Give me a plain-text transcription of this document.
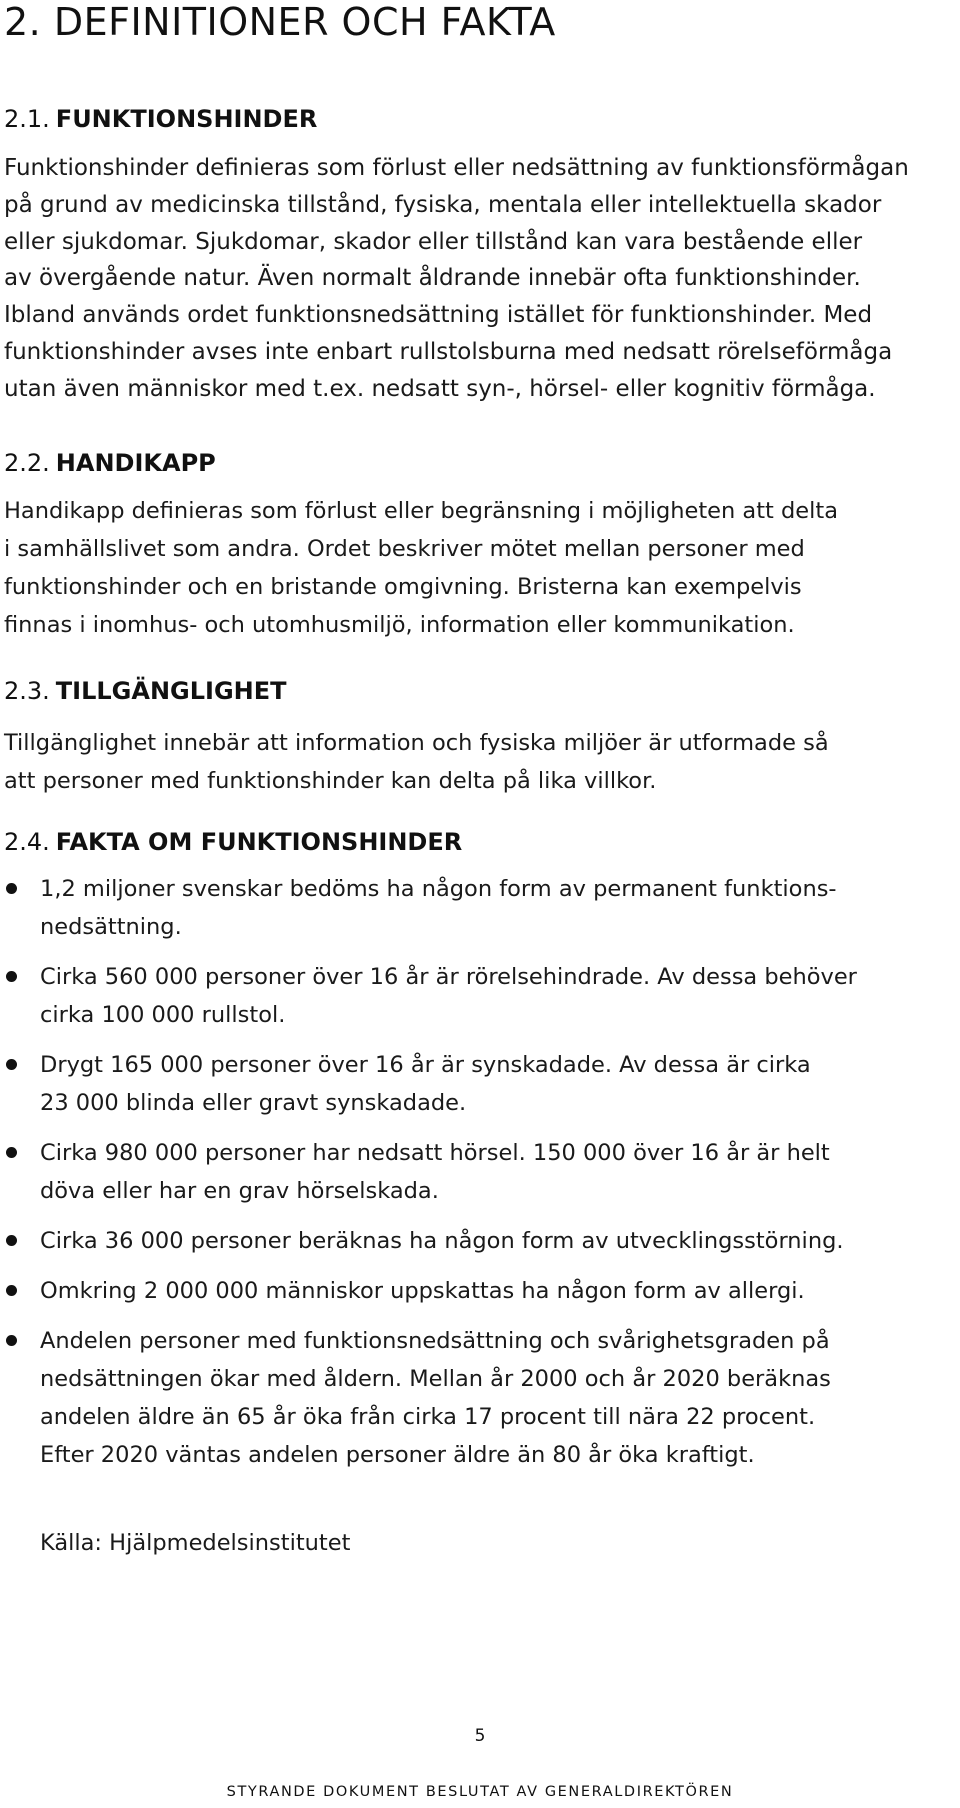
2. DEFINITIONER OCH FAKTA
2.1. FUNKTIONSHINDER

Funktionshinder definieras som förlust eller nedsättning av funktionsförmågan
på grund av medicinska tillstånd, fysiska, mentala eller intellektuella skador
eller sjukdomar. Sjukdomar, skador eller tillstånd kan vara bestående eller
av övergående natur. Även normalt åldrande innebär ofta funktionshinder.
Ibland används ordet funktionsnedsättning istället för funktionshinder. Med
funktionshinder avses inte enbart rullstolsburna med nedsatt rörelseförmåga
utan även människor med t.ex. nedsatt syn-, hörsel- eller kognitiv förmåga.

2.2. HANDIKAPP

Handikapp definieras som förlust eller begränsning i möjligheten att delta
i samhällslivet som andra. Ordet beskriver mötet mellan personer med
funktionshinder och en bristande omgivning. Bristerna kan exempelvis
finnas i inomhus- och utomhusmiljö, information eller kommunikation.

2.3. TILLGÄNGLIGHET

Tillgänglighet innebär att information och fysiska miljöer är utformade så
att personer med funktionshinder kan delta på lika villkor.

2.4. FAKTA OM FUNKTIONSHINDER
1,2 miljoner svenskar bedöms ha någon form av permanent funktions-
nedsättning.
Cirka 560 000 personer över 16 år är rörelsehindrade. Av dessa behöver
cirka 100 000 rullstol.
Drygt 165 000 personer över 16 år är synskadade. Av dessa är cirka
23 000 blinda eller gravt synskadade.
Cirka 980 000 personer har nedsatt hörsel. 150 000 över 16 år är helt
döva eller har en grav hörselskada.
Cirka 36 000 personer beräknas ha någon form av utvecklingsstörning.
Omkring 2 000 000 människor uppskattas ha någon form av allergi.
Andelen personer med funktionsnedsättning och svårighetsgraden på
nedsättningen ökar med åldern. Mellan år 2000 och år 2020 beräknas
andelen äldre än 65 år öka från cirka 17 procent till nära 22 procent.
Efter 2020 väntas andelen personer äldre än 80 år öka kraftigt.

Källa: Hjälpmedelsinstitutet

5
STYRANDE DOKUMENT BESLUTAT AV GENERALDIREKTÖREN
